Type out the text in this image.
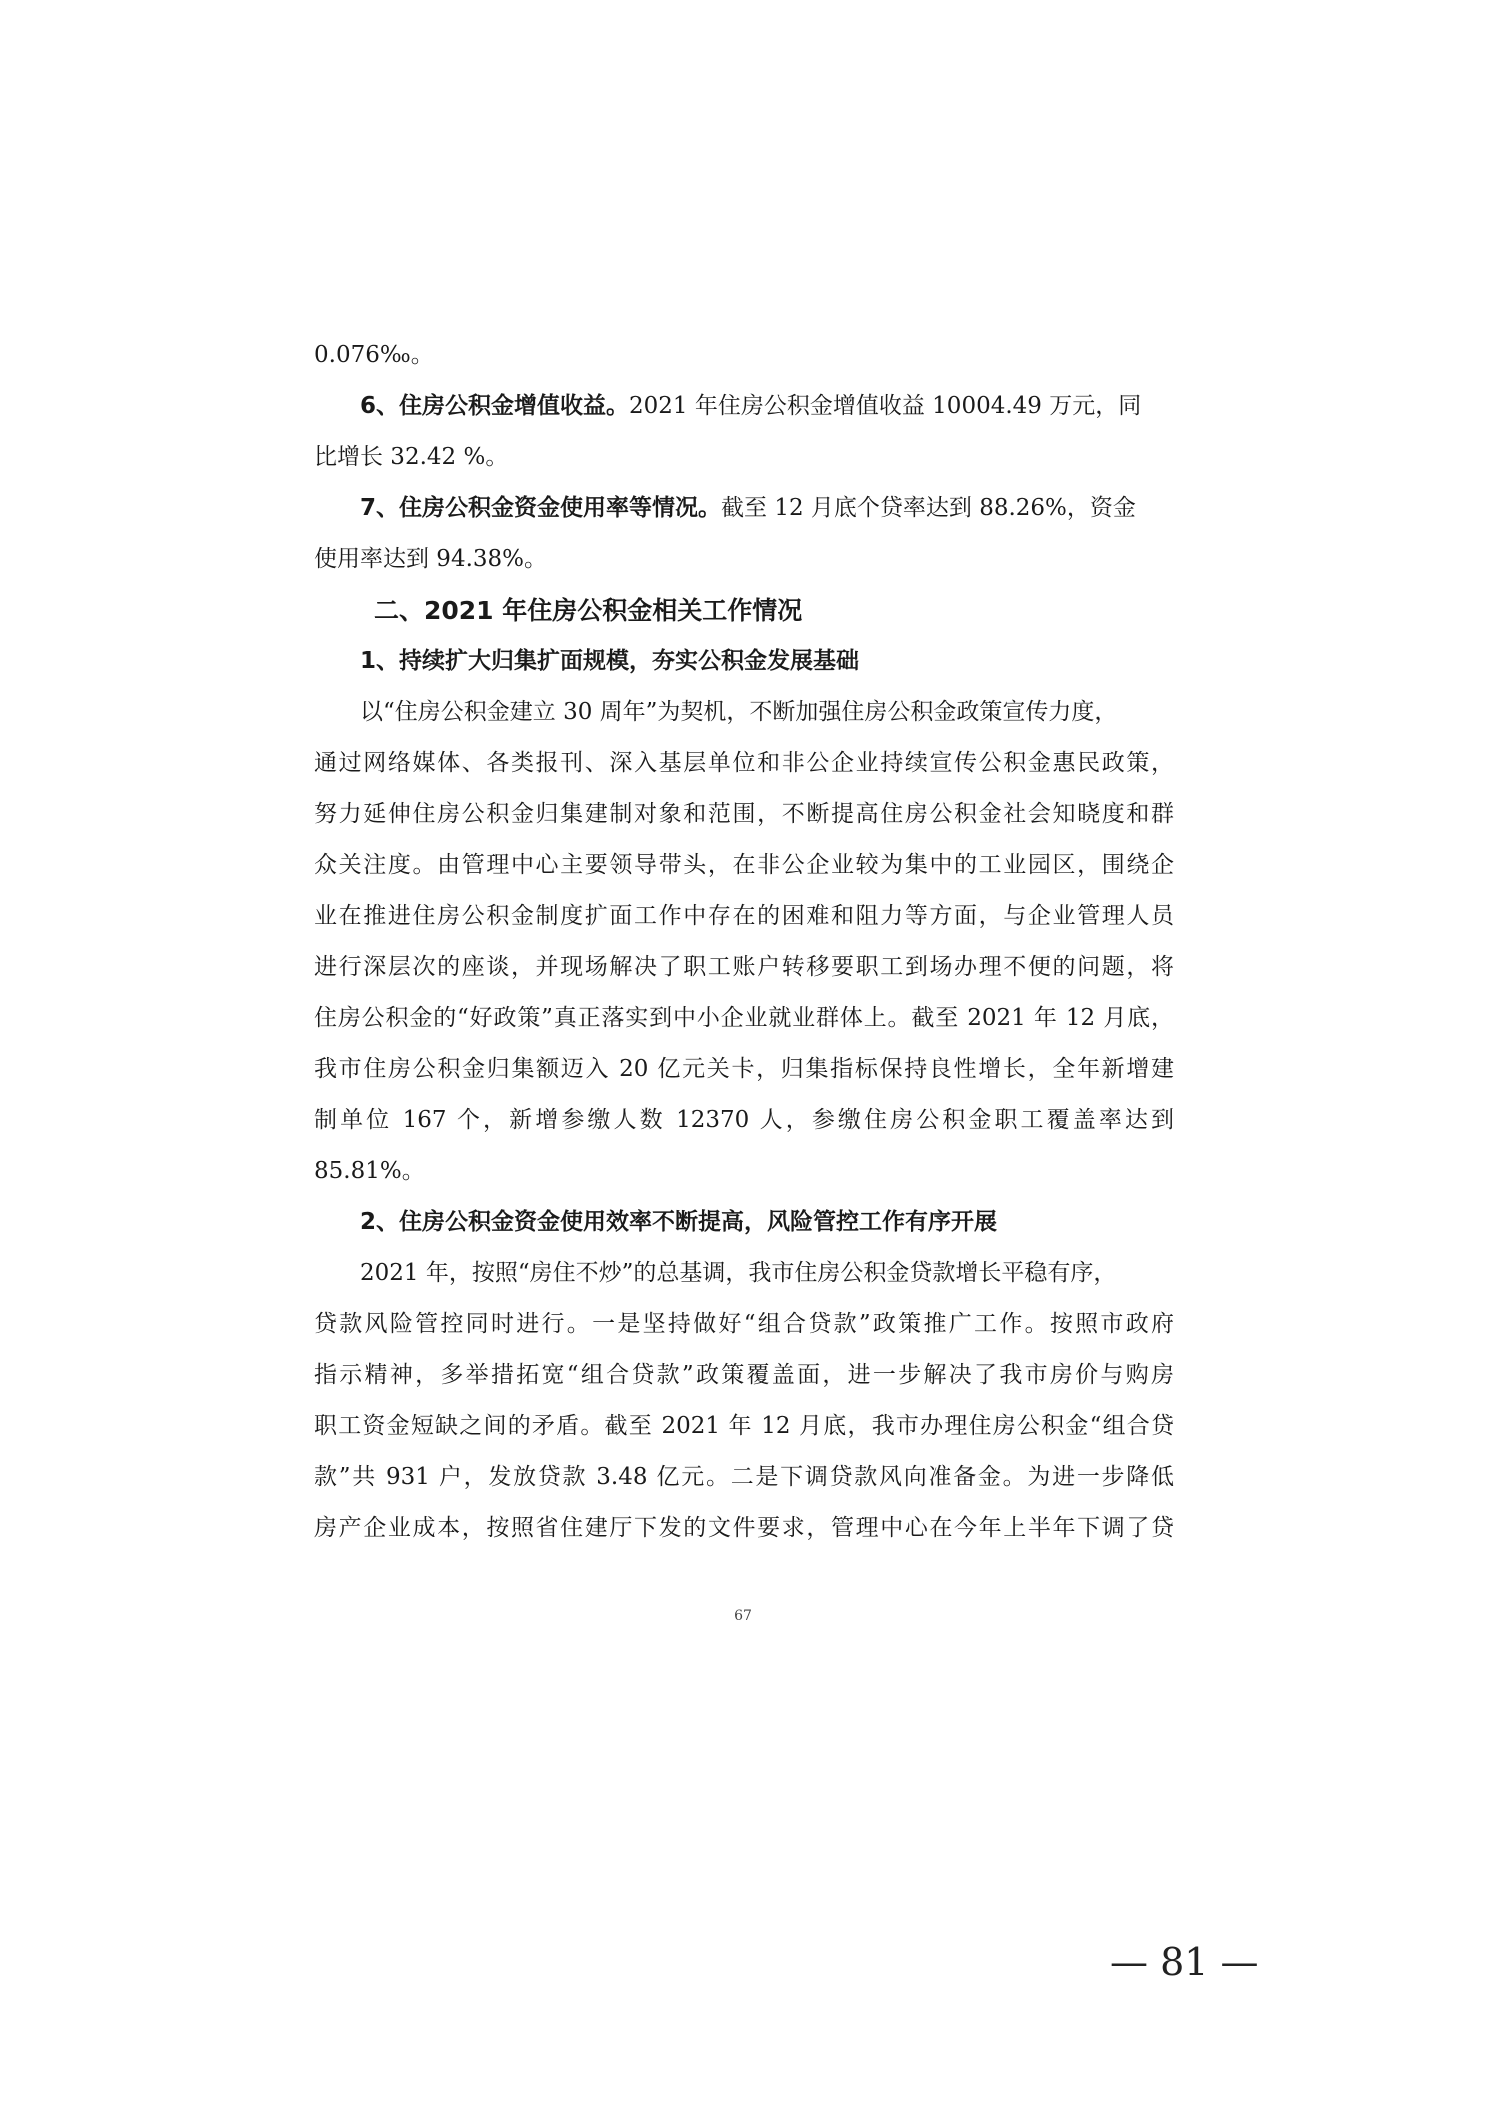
0.076‰。
6、住房公积金增值收益。2021 年住房公积金增值收益 10004.49 万元，同
比增长 32.42 %。
7、住房公积金资金使用率等情况。截至 12 月底个贷率达到 88.26%，资金
使用率达到 94.38%。
二、2021 年住房公积金相关工作情况
1、持续扩大归集扩面规模，夯实公积金发展基础
以“住房公积金建立 30 周年”为契机，不断加强住房公积金政策宣传力度，
通过网络媒体、各类报刊、深入基层单位和非公企业持续宣传公积金惠民政策，
努力延伸住房公积金归集建制对象和范围，不断提高住房公积金社会知晓度和群
众关注度。由管理中心主要领导带头，在非公企业较为集中的工业园区，围绕企
业在推进住房公积金制度扩面工作中存在的困难和阻力等方面，与企业管理人员
进行深层次的座谈，并现场解决了职工账户转移要职工到场办理不便的问题，将
住房公积金的“好政策”真正落实到中小企业就业群体上。截至 2021 年 12 月底，
我市住房公积金归集额迈入 20 亿元关卡，归集指标保持良性增长，全年新增建
制单位 167 个，新增参缴人数 12370 人，参缴住房公积金职工覆盖率达到
85.81%。
2、住房公积金资金使用效率不断提高，风险管控工作有序开展
2021 年，按照“房住不炒”的总基调，我市住房公积金贷款增长平稳有序，
贷款风险管控同时进行。一是坚持做好“组合贷款”政策推广工作。按照市政府
指示精神，多举措拓宽“组合贷款”政策覆盖面，进一步解决了我市房价与购房
职工资金短缺之间的矛盾。截至 2021 年 12 月底，我市办理住房公积金“组合贷
款”共 931 户，发放贷款 3.48 亿元。二是下调贷款风向准备金。为进一步降低
房产企业成本，按照省住建厅下发的文件要求，管理中心在今年上半年下调了贷
67
— 81 —
